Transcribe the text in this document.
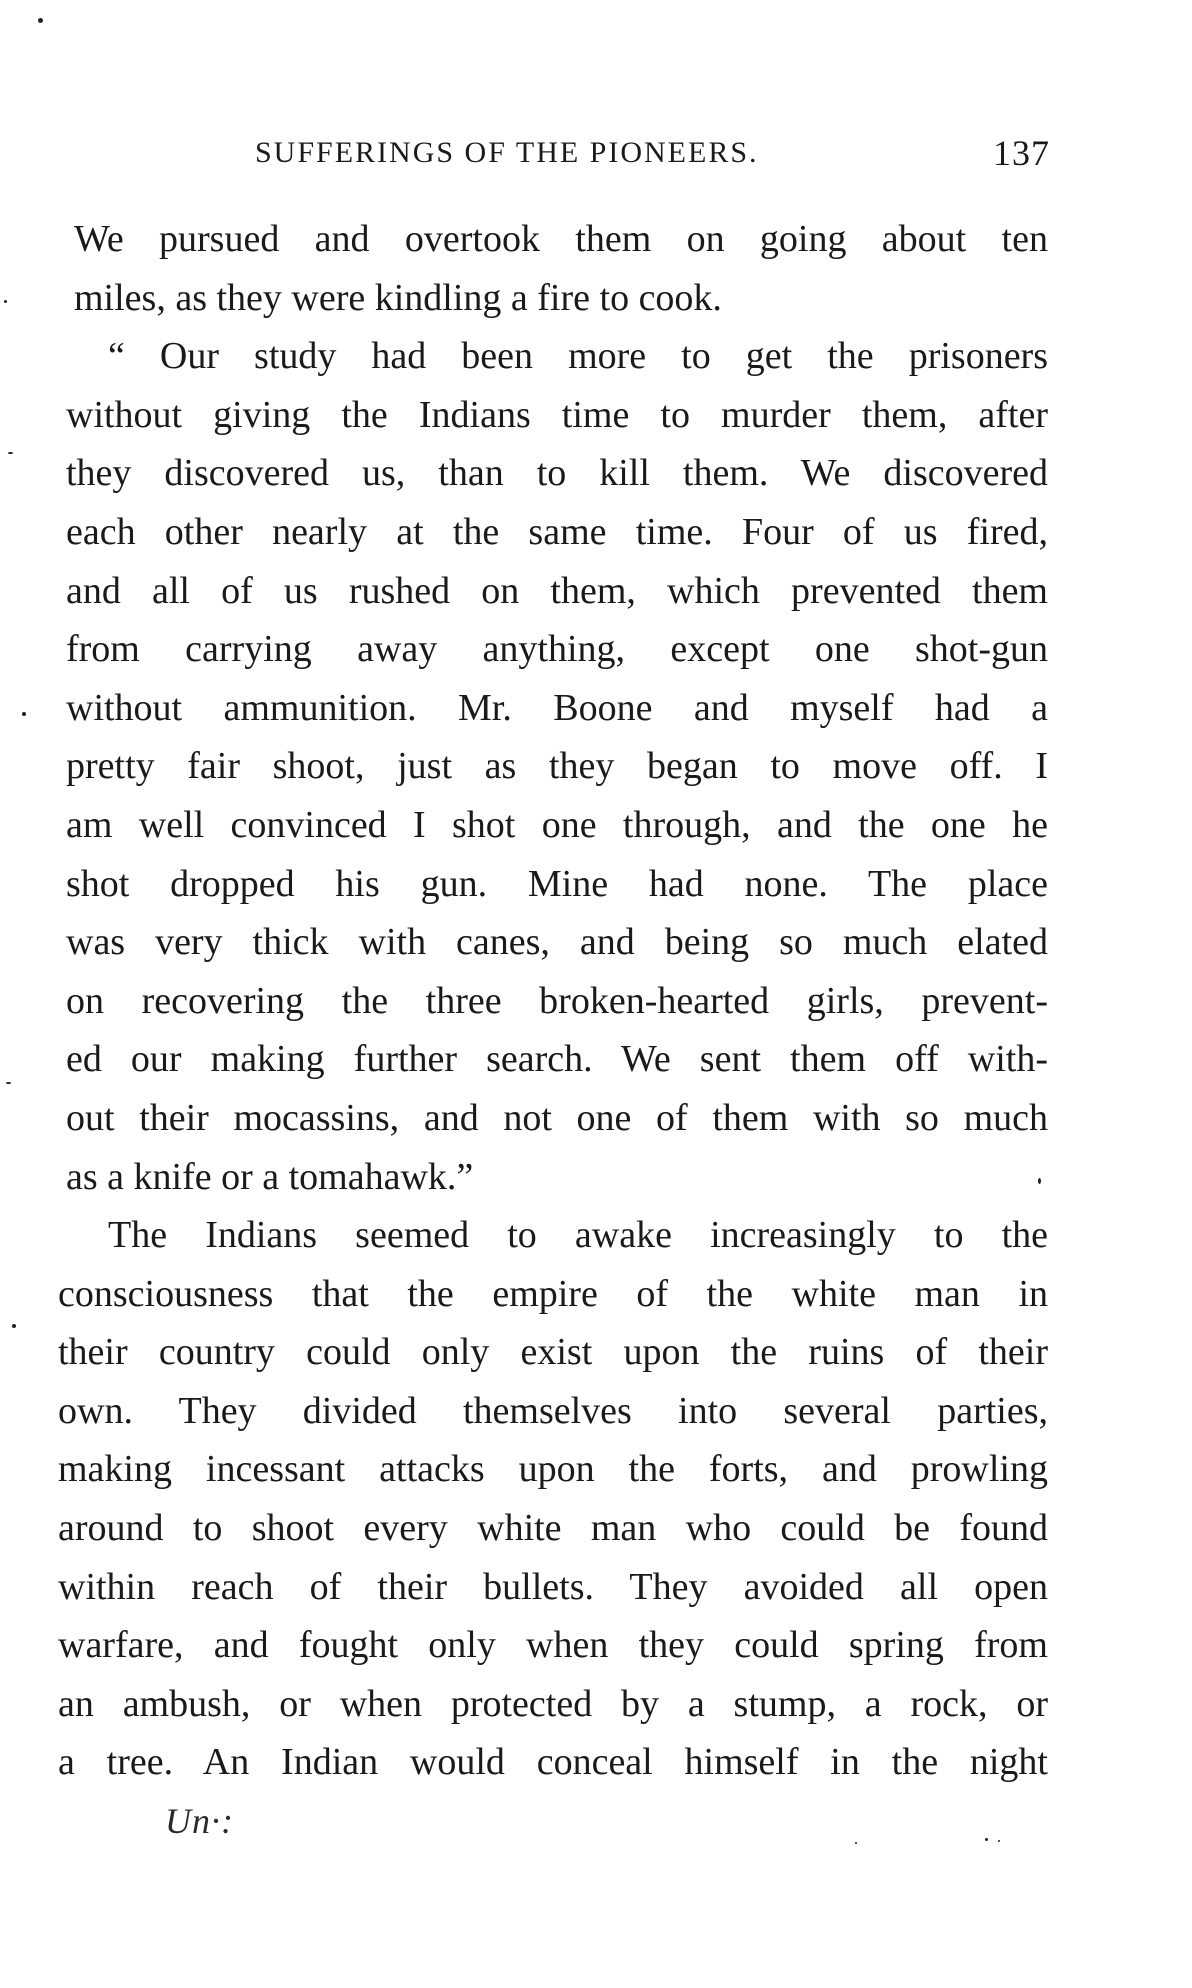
SUFFERINGS OF THE PIONEERS.	137
We pursued and overtook them on going about ten
miles, as they were kindling a fire to cook.
“ Our study had been more to get the prisoners
without giving the Indians time to murder them, after
they discovered us, than to kill them. We discovered
each other nearly at the same time. Four of us fired,
and all of us rushed on them, which prevented them
from carrying away anything, except one shot-gun
without ammunition. Mr. Boone and myself had a
pretty fair shoot, just as they began to move off. I
am well convinced I shot one through, and the one he
shot dropped his gun. Mine had none. The place
was very thick with canes, and being so much elated
on recovering the three broken-hearted girls, prevent-
ed our making further search. We sent them off with-
out their mocassins, and not one of them with so much
as a knife or a tomahawk.”
The Indians seemed to awake increasingly to the
consciousness that the empire of the white man in
their country could only exist upon the ruins of their
own. They divided themselves into several parties,
making incessant attacks upon the forts, and prowling
around to shoot every white man who could be found
within reach of their bullets. They avoided all open
warfare, and fought only when they could spring from
an ambush, or when protected by a stump, a rock, or
a tree. An Indian would conceal himself in the night
Un·:
